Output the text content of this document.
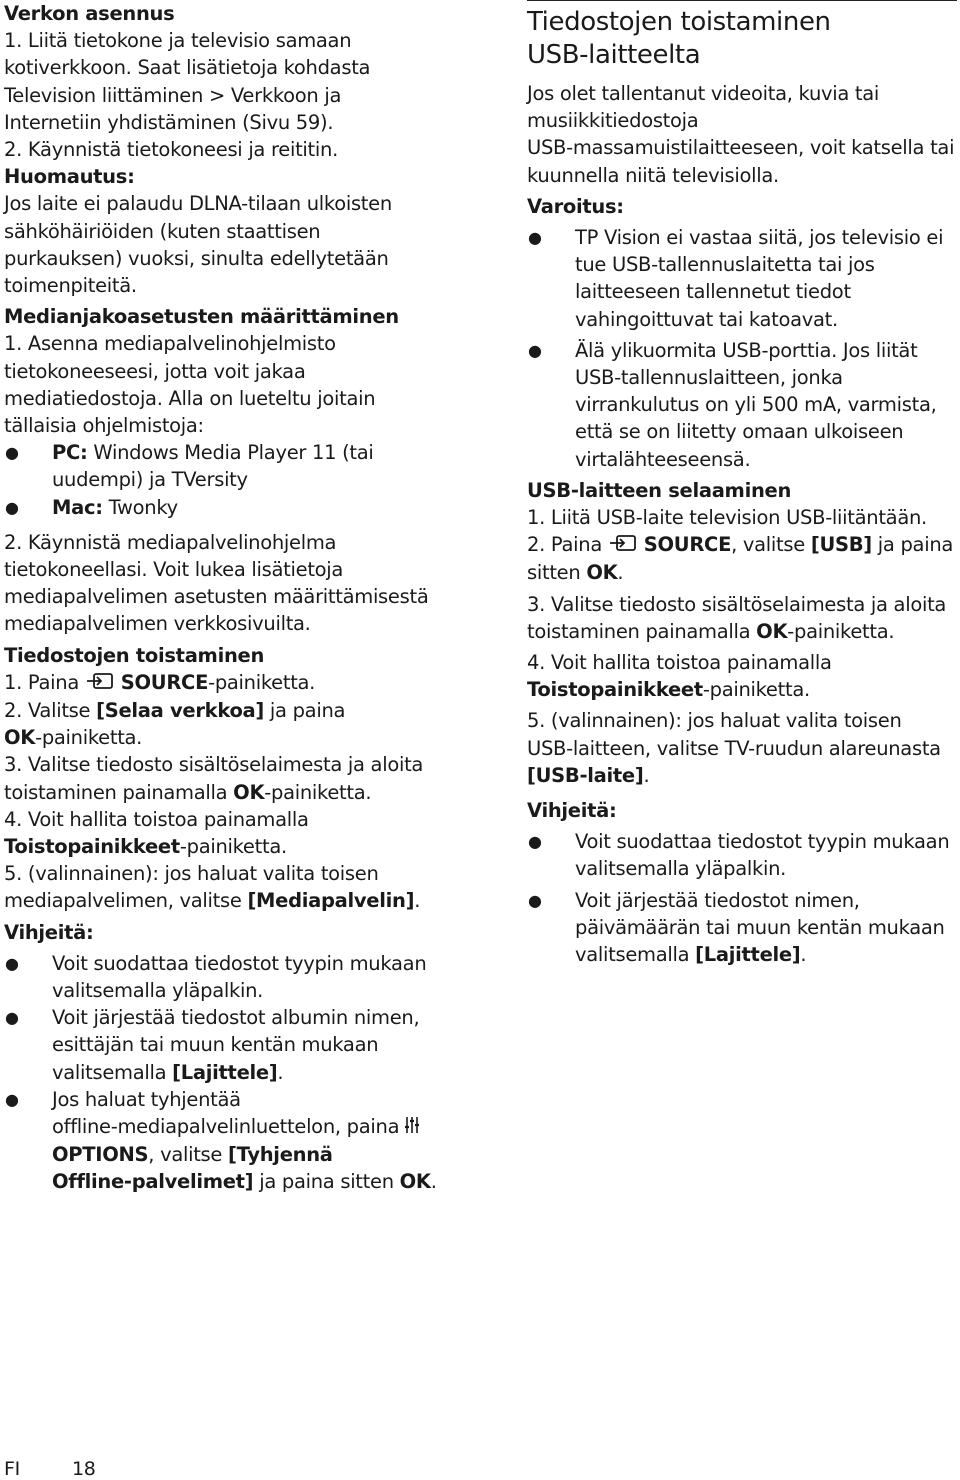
Verkon asennus
1. Liitä tietokone ja televisio samaan
kotiverkkoon. Saat lisätietoja kohdasta
Television liittäminen > Verkkoon ja
Internetiin yhdistäminen (Sivu 59).
2. Käynnistä tietokoneesi ja reititin.
Huomautus:
Jos laite ei palaudu DLNA-tilaan ulkoisten
sähköhäiriöiden (kuten staattisen
purkauksen) vuoksi, sinulta edellytetään
toimenpiteitä.
Medianjakoasetusten määrittäminen
1. Asenna mediapalvelinohjelmisto
tietokoneeseesi, jotta voit jakaa
mediatiedostoja. Alla on lueteltu joitain
tällaisia ohjelmistoja:
● PC: Windows Media Player 11 (tai
uudempi) ja TVersity
● Mac: Twonky
2. Käynnistä mediapalvelinohjelma
tietokoneellasi. Voit lukea lisätietoja
mediapalvelimen asetusten määrittämisestä
mediapalvelimen verkkosivuilta.
Tiedostojen toistaminen
1. Paina  SOURCE-painiketta.
2. Valitse [Selaa verkkoa] ja paina
OK-painiketta.
3. Valitse tiedosto sisältöselaimesta ja aloita
toistaminen painamalla OK-painiketta.
4. Voit hallita toistoa painamalla
Toistopainikkeet-painiketta.
5. (valinnainen): jos haluat valita toisen
mediapalvelimen, valitse [Mediapalvelin].
Vihjeitä:
● Voit suodattaa tiedostot tyypin mukaan
valitsemalla yläpalkin.
● Voit järjestää tiedostot albumin nimen,
esittäjän tai muun kentän mukaan
valitsemalla [Lajittele].
● Jos haluat tyhjentää
offline-mediapalvelinluettelon, paina
OPTIONS, valitse [Tyhjennä
Offline-palvelimet] ja paina sitten OK.
Tiedostojen toistaminen
USB-laitteelta
Jos olet tallentanut videoita, kuvia tai
musiikkitiedostoja
USB-massamuistilaitteeseen, voit katsella tai
kuunnella niitä televisiolla.
Varoitus:
● TP Vision ei vastaa siitä, jos televisio ei
tue USB-tallennuslaitetta tai jos
laitteeseen tallennetut tiedot
vahingoittuvat tai katoavat.
● Älä ylikuormita USB-porttia. Jos liität
USB-tallennuslaitteen, jonka
virrankulutus on yli 500 mA, varmista,
että se on liitetty omaan ulkoiseen
virtalähteeseensä.
USB-laitteen selaaminen
1. Liitä USB-laite television USB-liitäntään.
2. Paina  SOURCE, valitse [USB] ja paina
sitten OK.
3. Valitse tiedosto sisältöselaimesta ja aloita
toistaminen painamalla OK-painiketta.
4. Voit hallita toistoa painamalla
Toistopainikkeet-painiketta.
5. (valinnainen): jos haluat valita toisen
USB-laitteen, valitse TV-ruudun alareunasta
[USB-laite].
Vihjeitä:
● Voit suodattaa tiedostot tyypin mukaan
valitsemalla yläpalkin.
● Voit järjestää tiedostot nimen,
päivämäärän tai muun kentän mukaan
valitsemalla [Lajittele].
FI	18
